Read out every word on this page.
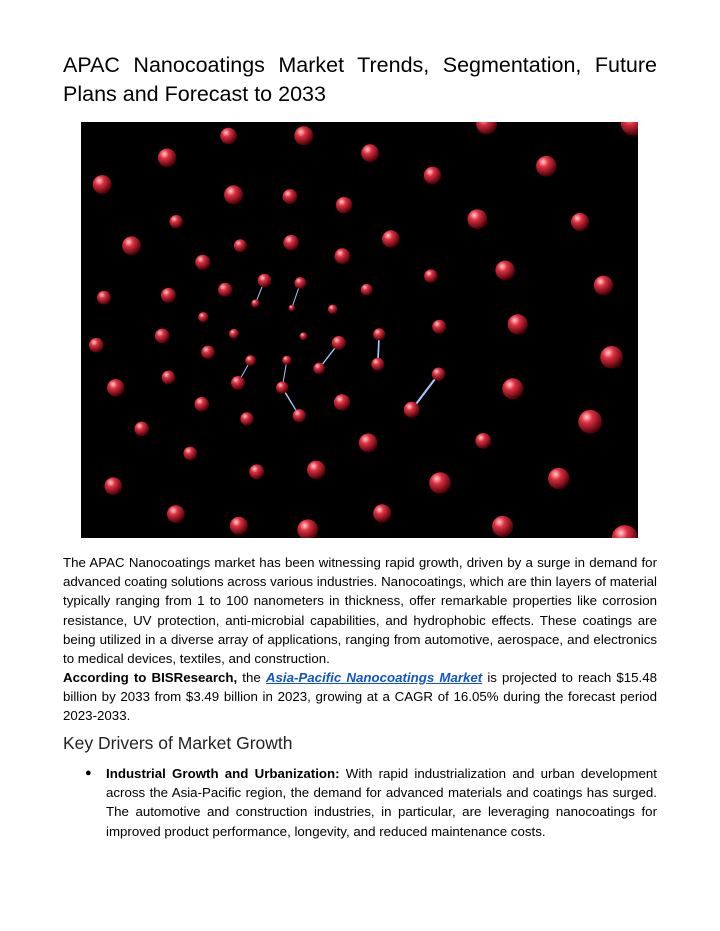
APAC Nanocoatings Market Trends, Segmentation, Future Plans and Forecast to 2033

The APAC Nanocoatings market has been witnessing rapid growth, driven by a surge in demand for advanced coating solutions across various industries. Nanocoatings, which are thin layers of material typically ranging from 1 to 100 nanometers in thickness, offer remarkable properties like corrosion resistance, UV protection, anti-microbial capabilities, and hydrophobic effects. These coatings are being utilized in a diverse array of applications, ranging from automotive, aerospace, and electronics to medical devices, textiles, and construction.

According to BISResearch, the Asia-Pacific Nanocoatings Market is projected to reach $15.48 billion by 2033 from $3.49 billion in 2023, growing at a CAGR of 16.05% during the forecast period 2023-2033.

Key Drivers of Market Growth
● Industrial Growth and Urbanization: With rapid industrialization and urban development across the Asia-Pacific region, the demand for advanced materials and coatings has surged. The automotive and construction industries, in particular, are leveraging nanocoatings for improved product performance, longevity, and reduced maintenance costs.
